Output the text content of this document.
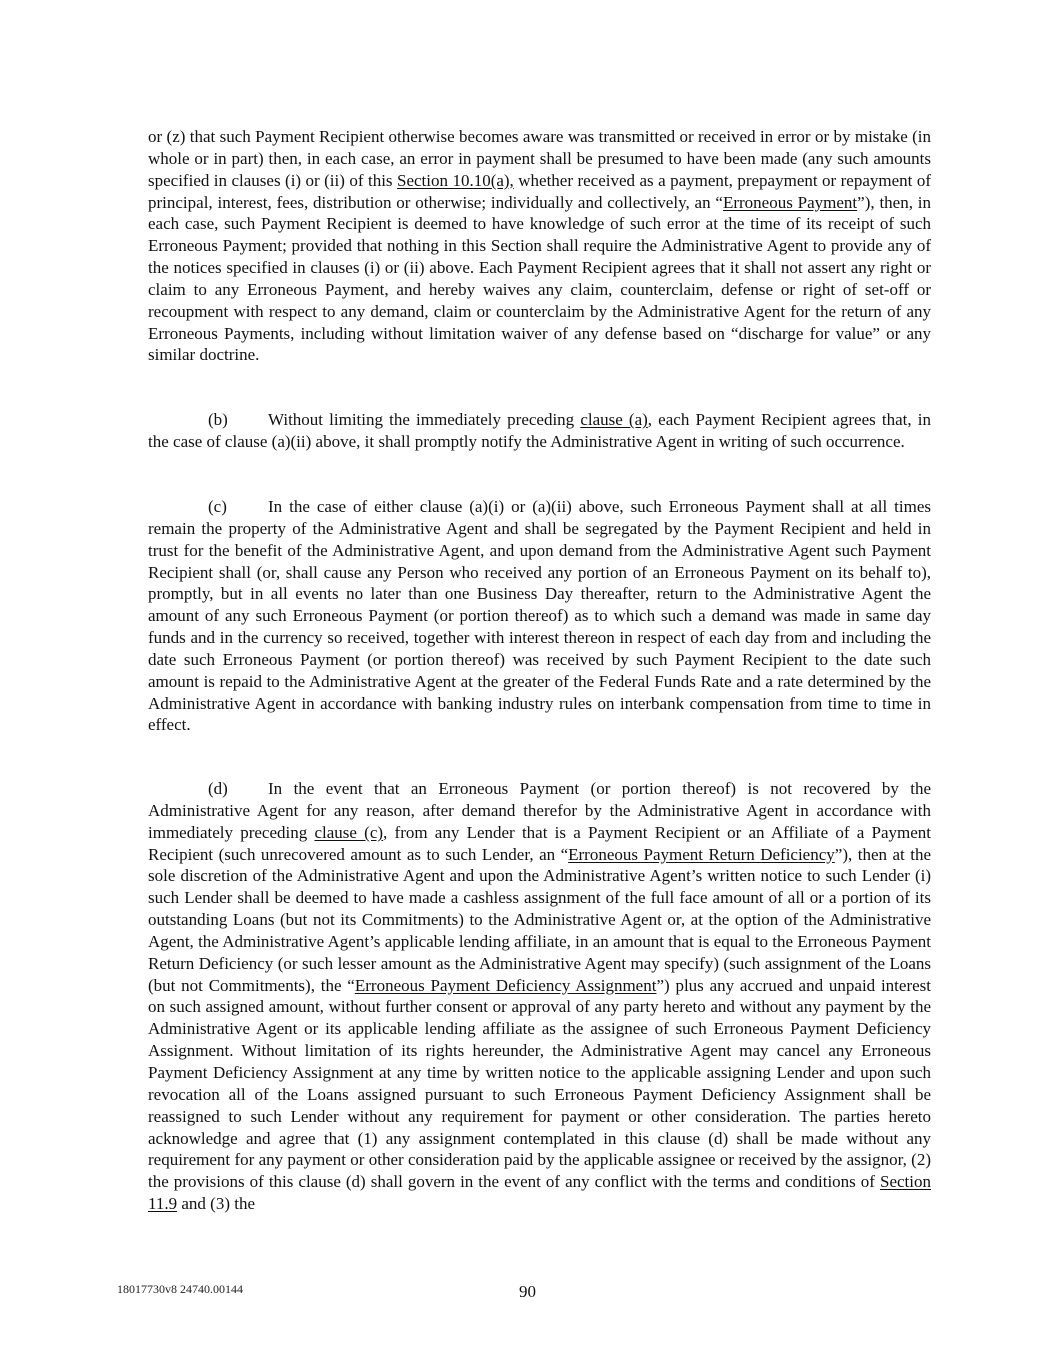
or (z) that such Payment Recipient otherwise becomes aware was transmitted or received in error or by mistake (in whole or in part) then, in each case, an error in payment shall be presumed to have been made (any such amounts specified in clauses (i) or (ii) of this Section 10.10(a), whether received as a payment, prepayment or repayment of principal, interest, fees, distribution or otherwise; individually and collectively, an “Erroneous Payment”), then, in each case, such Payment Recipient is deemed to have knowledge of such error at the time of its receipt of such Erroneous Payment; provided that nothing in this Section shall require the Administrative Agent to provide any of the notices specified in clauses (i) or (ii) above. Each Payment Recipient agrees that it shall not assert any right or claim to any Erroneous Payment, and hereby waives any claim, counterclaim, defense or right of set-off or recoupment with respect to any demand, claim or counterclaim by the Administrative Agent for the return of any Erroneous Payments, including without limitation waiver of any defense based on “discharge for value” or any similar doctrine.

(b) Without limiting the immediately preceding clause (a), each Payment Recipient agrees that, in the case of clause (a)(ii) above, it shall promptly notify the Administrative Agent in writing of such occurrence.

(c) In the case of either clause (a)(i) or (a)(ii) above, such Erroneous Payment shall at all times remain the property of the Administrative Agent and shall be segregated by the Payment Recipient and held in trust for the benefit of the Administrative Agent, and upon demand from the Administrative Agent such Payment Recipient shall (or, shall cause any Person who received any portion of an Erroneous Payment on its behalf to), promptly, but in all events no later than one Business Day thereafter, return to the Administrative Agent the amount of any such Erroneous Payment (or portion thereof) as to which such a demand was made in same day funds and in the currency so received, together with interest thereon in respect of each day from and including the date such Erroneous Payment (or portion thereof) was received by such Payment Recipient to the date such amount is repaid to the Administrative Agent at the greater of the Federal Funds Rate and a rate determined by the Administrative Agent in accordance with banking industry rules on interbank compensation from time to time in effect.

(d) In the event that an Erroneous Payment (or portion thereof) is not recovered by the Administrative Agent for any reason, after demand therefor by the Administrative Agent in accordance with immediately preceding clause (c), from any Lender that is a Payment Recipient or an Affiliate of a Payment Recipient (such unrecovered amount as to such Lender, an “Erroneous Payment Return Deficiency”), then at the sole discretion of the Administrative Agent and upon the Administrative Agent’s written notice to such Lender (i) such Lender shall be deemed to have made a cashless assignment of the full face amount of all or a portion of its outstanding Loans (but not its Commitments) to the Administrative Agent or, at the option of the Administrative Agent, the Administrative Agent’s applicable lending affiliate, in an amount that is equal to the Erroneous Payment Return Deficiency (or such lesser amount as the Administrative Agent may specify) (such assignment of the Loans (but not Commitments), the “Erroneous Payment Deficiency Assignment”) plus any accrued and unpaid interest on such assigned amount, without further consent or approval of any party hereto and without any payment by the Administrative Agent or its applicable lending affiliate as the assignee of such Erroneous Payment Deficiency Assignment. Without limitation of its rights hereunder, the Administrative Agent may cancel any Erroneous Payment Deficiency Assignment at any time by written notice to the applicable assigning Lender and upon such revocation all of the Loans assigned pursuant to such Erroneous Payment Deficiency Assignment shall be reassigned to such Lender without any requirement for payment or other consideration. The parties hereto acknowledge and agree that (1) any assignment contemplated in this clause (d) shall be made without any requirement for any payment or other consideration paid by the applicable assignee or received by the assignor, (2) the provisions of this clause (d) shall govern in the event of any conflict with the terms and conditions of Section 11.9 and (3) the

18017730v8 24740.00144	90
